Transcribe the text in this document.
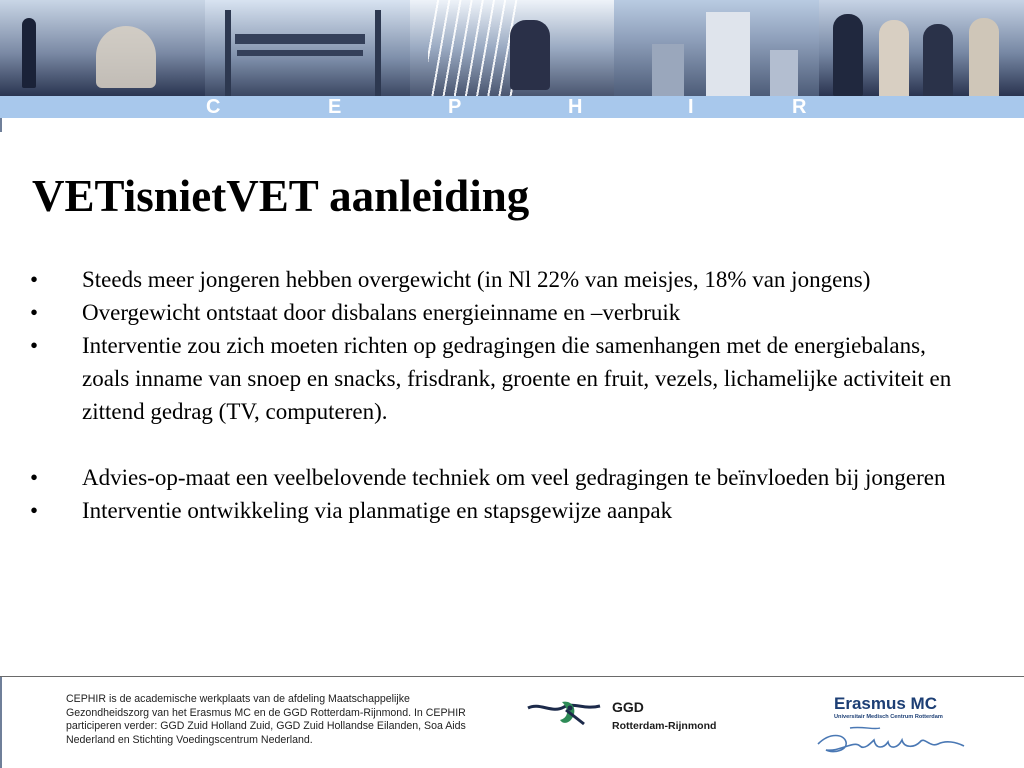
C	E	P	H	I	R
VETisnietVET aanleiding
• Steeds meer jongeren hebben overgewicht (in Nl 22% van meisjes, 18% van jongens)
• Overgewicht ontstaat door disbalans energieinname en –verbruik
• Interventie zou zich moeten richten op gedragingen die samenhangen met de energiebalans, zoals inname van snoep en snacks, frisdrank, groente en fruit, vezels, lichamelijke activiteit en zittend gedrag (TV, computeren).
• Advies-op-maat een veelbelovende techniek om veel gedragingen te beïnvloeden bij jongeren
• Interventie ontwikkeling via planmatige en stapsgewijze aanpak

CEPHIR is de academische werkplaats van de afdeling Maatschappelijke Gezondheidszorg van het Erasmus MC en de GGD Rotterdam-Rijnmond. In CEPHIR participeren verder: GGD Zuid Holland Zuid, GGD Zuid Hollandse Eilanden, Soa Aids Nederland en Stichting Voedingscentrum Nederland.

GGD
Rotterdam-Rijnmond
Erasmus MC
Universitair Medisch Centrum Rotterdam
